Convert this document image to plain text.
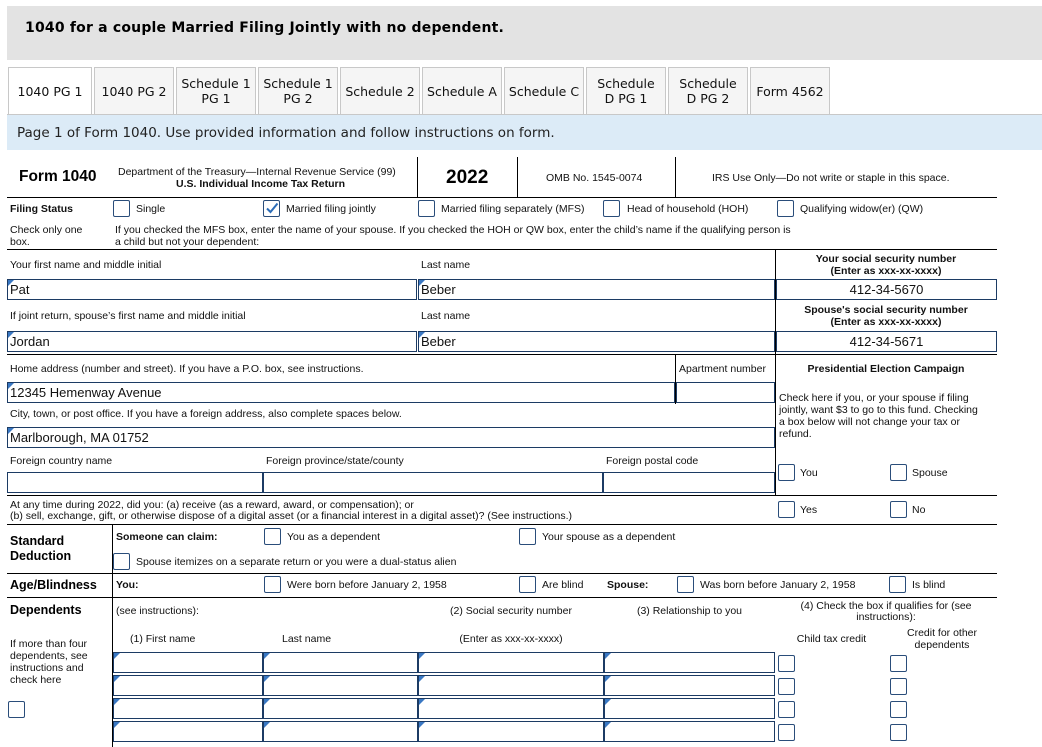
1040 for a couple Married Filing Jointly with no dependent.
1040 PG 1	1040 PG 2	Schedule 1 PG 1
Schedule 1 PG 2	Schedule 2 Schedule A Schedule C	Schedule D PG 1
Schedule D PG 2	Form 4562
Page 1 of Form 1040. Use provided information and follow instructions on form.
Form 1040 Department of the Treasury—Internal Revenue Service (99)
U.S. Individual Income Tax Return	2022	OMB No. 1545-0074	IRS Use Only—Do not write or staple in this space.
Filing Status
Check only one box.
Single	Married filing jointly	Married filing separately (MFS)	Head of household (HOH)	Qualifying widow(er) (QW)
If you checked the MFS box, enter the name of your spouse. If you checked the HOH or QW box, enter the child’s name if the qualifying person is
a child but not your dependent:
Your first name and middle initial	Last name	Your social security number
(Enter as xxx-xx-xxxx)
Pat	Beber	412-34-5670
If joint return, spouse’s first name and middle initial	Last name	Spouse's social security number
(Enter as xxx-xx-xxxx)
Jordan	Beber	412-34-5671
Home address (number and street). If you have a P.O. box, see instructions.	Apartment number
12345 Hemenway Avenue
Presidential Election Campaign
Check here if you, or your spouse if filing
jointly, want $3 to go to this fund. Checking
a box below will not change your tax or
refund.
City, town, or post office. If you have a foreign address, also complete spaces below.
Marlborough, MA 01752
Foreign country name	Foreign province/state/county	Foreign postal code
You	Spouse
At any time during 2022, did you: (a) receive (as a reward, award, or compensation); or
(b) sell, exchange, gift, or otherwise dispose of a digital asset (or a financial interest in a digital asset)? (See instructions.)	Yes	No
Standard
Deduction
Someone can claim:	You as a dependent	Your spouse as a dependent
Spouse itemizes on a separate return or you were a dual-status alien
Age/Blindness You:	Were born before January 2, 1958	Are blind Spouse:	Was born before January 2, 1958	Is blind
Dependents	(see instructions):
If more than four
dependents, see
instructions and
check here
(1) First name	Last name
(2) Social security number
(Enter as xxx-xx-xxxx)
(3) Relationship to you	(4) Check the box if qualifies for (see
instructions):
Child tax credit	Credit for other
dependents
